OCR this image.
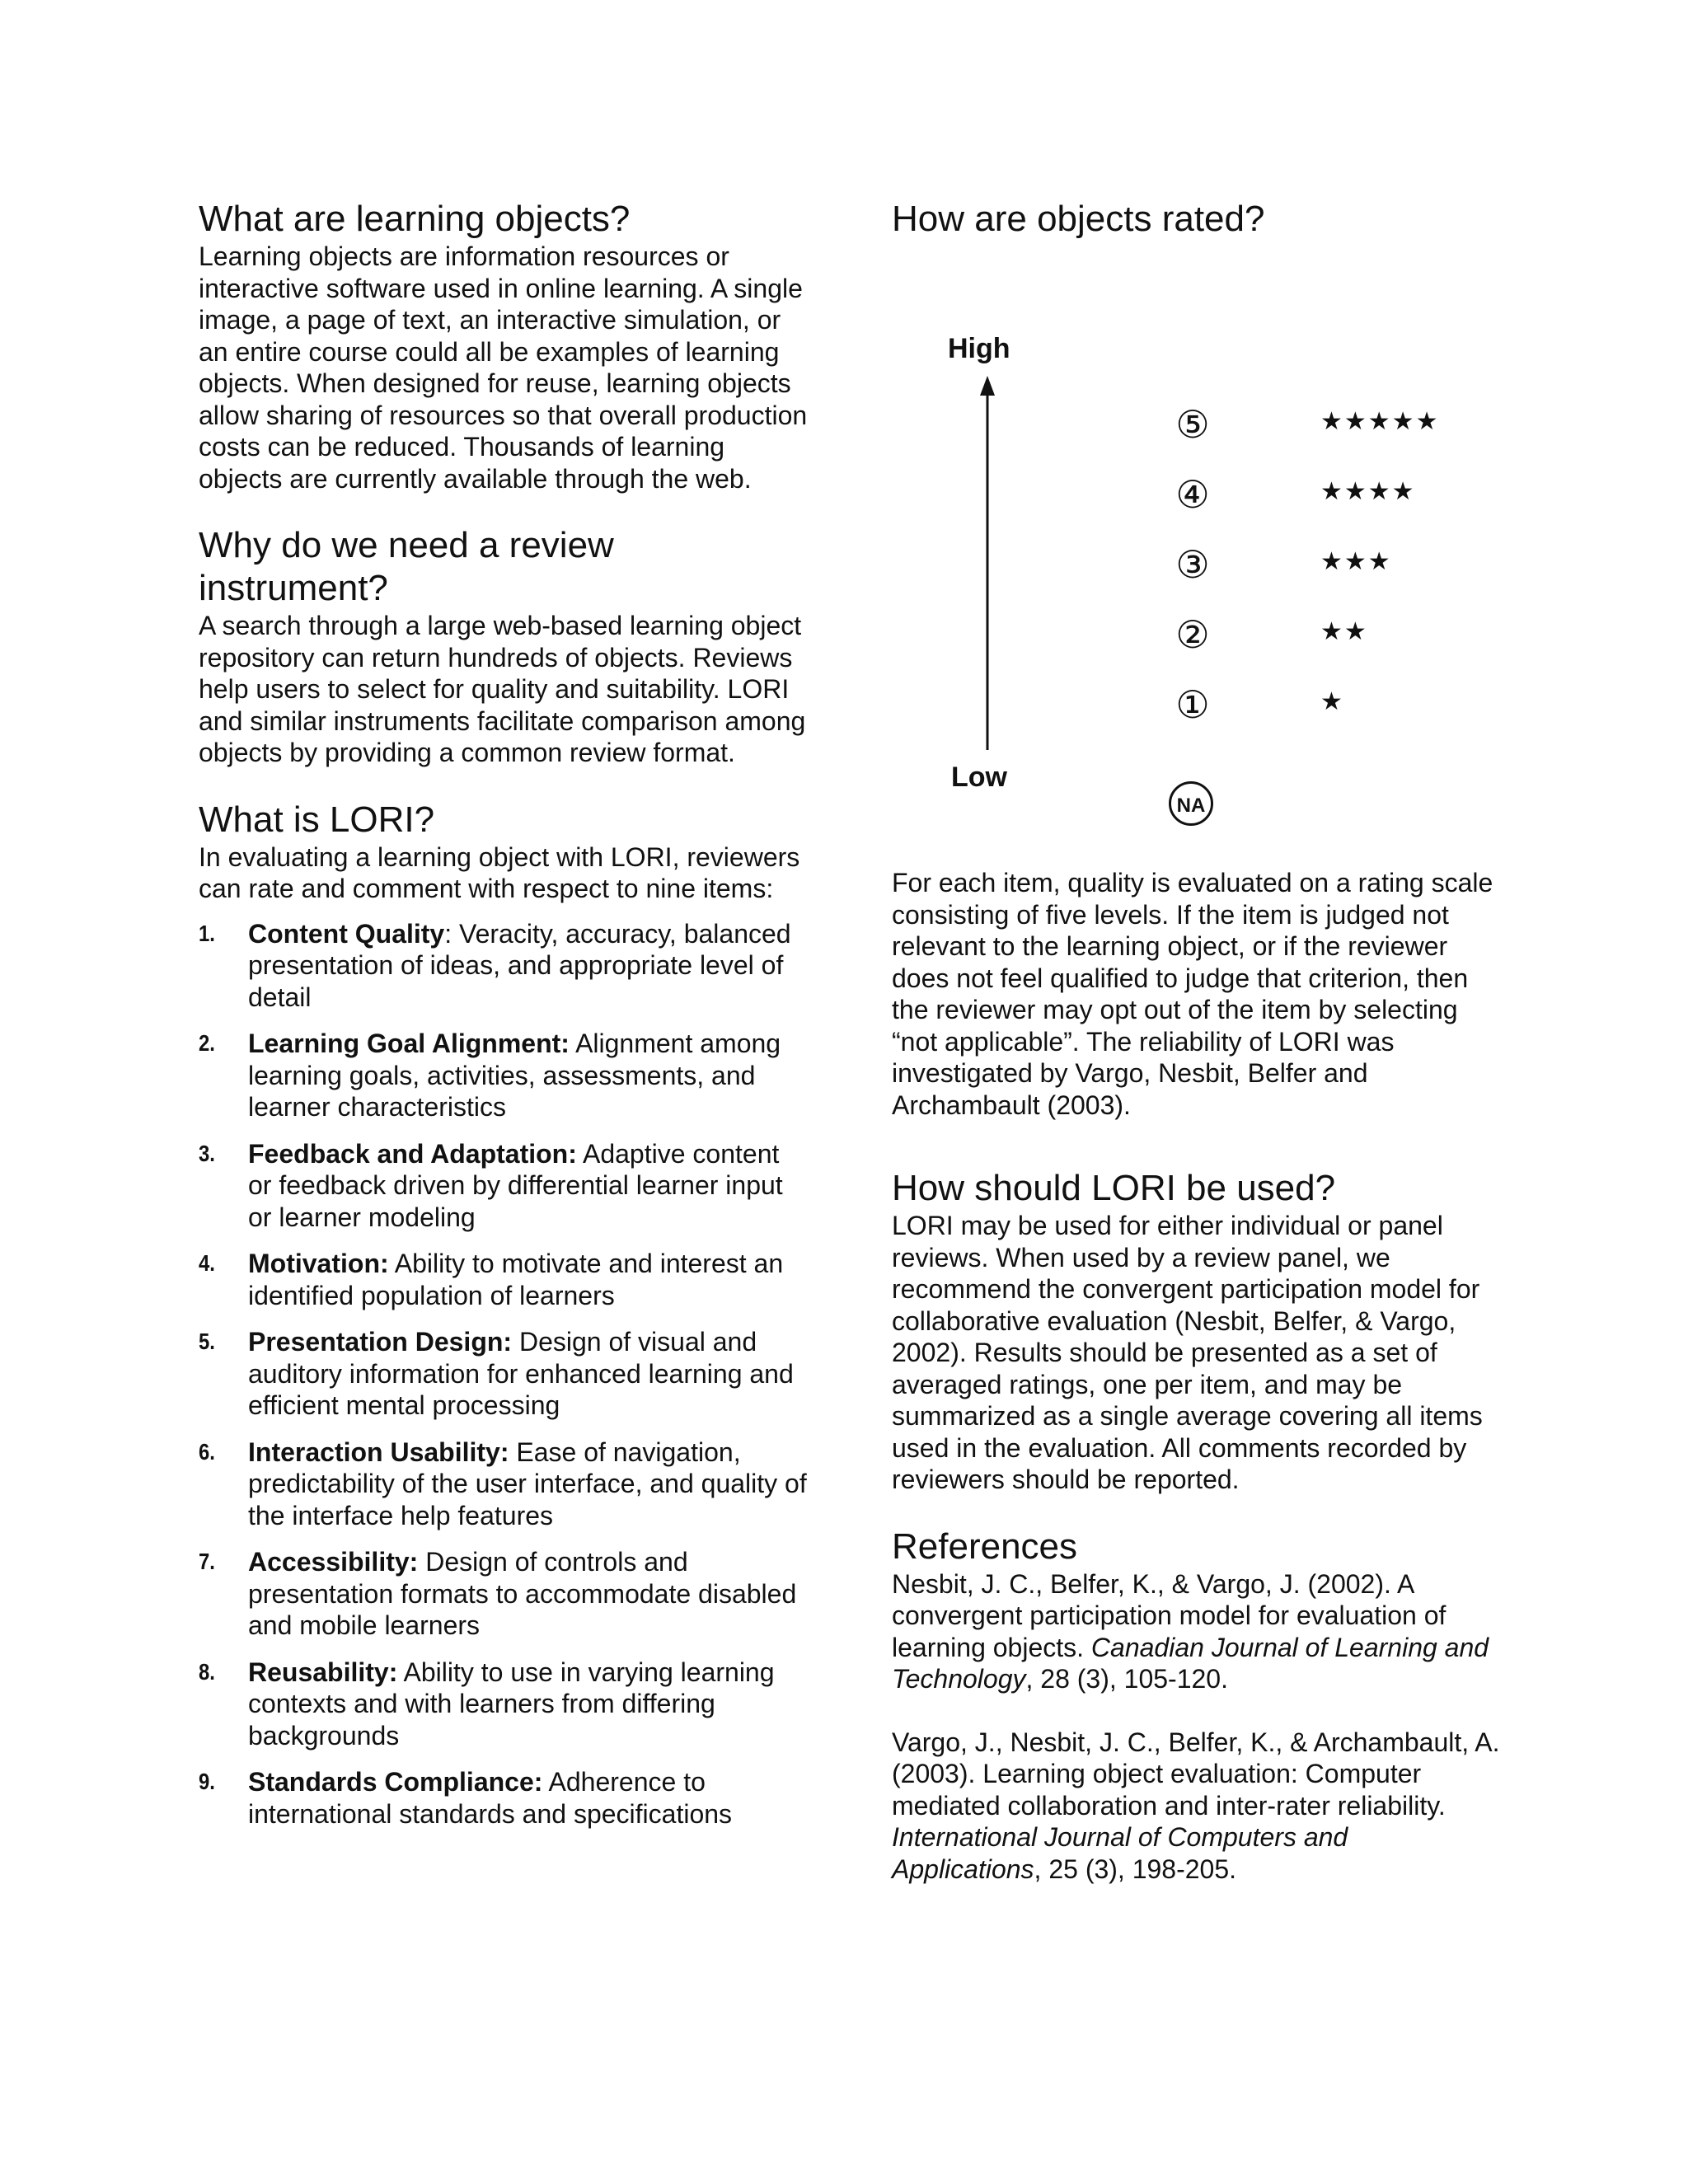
What are learning objects?

Learning objects are information resources or interactive software used in online learning. A single image, a page of text, an interactive simulation, or an entire course could all be examples of learning objects. When designed for reuse, learning objects allow sharing of resources so that overall production costs can be reduced. Thousands of learning objects are currently available through the web.

Why do we need a review instrument?

A search through a large web-based learning object repository can return hundreds of objects. Reviews help users to select for quality and suitability. LORI and similar instruments facilitate comparison among objects by providing a common review format.

What is LORI?

In evaluating a learning object with LORI, reviewers can rate and comment with respect to nine items:

1.	Content Quality: Veracity, accuracy, balanced presentation of ideas, and appropriate level of detail
2.	Learning Goal Alignment: Alignment among learning goals, activities, assessments, and learner characteristics
3.	Feedback and Adaptation: Adaptive content or feedback driven by differential learner input or learner modeling
4.	Motivation: Ability to motivate and interest an identified population of learners
5.	Presentation Design: Design of visual and auditory information for enhanced learning and efficient mental processing
6.	Interaction Usability: Ease of navigation, predictability of the user interface, and quality of the interface help features
7.	Accessibility: Design of controls and presentation formats to accommodate disabled and mobile learners
8.	Reusability: Ability to use in varying learning contexts and with learners from differing backgrounds
9.	Standards Compliance: Adherence to international standards and specifications
How are objects rated?
High
Low
⑤	★★★★★
④	★★★★
③	★★★
②	★★
①	★
NA

For each item, quality is evaluated on a rating scale consisting of five levels. If the item is judged not relevant to the learning object, or if the reviewer does not feel qualified to judge that criterion, then the reviewer may opt out of the item by selecting “not applicable”. The reliability of LORI was investigated by Vargo, Nesbit, Belfer and Archambault (2003).

How should LORI be used?

LORI may be used for either individual or panel reviews. When used by a review panel, we recommend the convergent participation model for collaborative evaluation (Nesbit, Belfer, & Vargo, 2002). Results should be presented as a set of averaged ratings, one per item, and may be summarized as a single average covering all items used in the evaluation. All comments recorded by reviewers should be reported.

References

Nesbit, J. C., Belfer, K., & Vargo, J. (2002). A convergent participation model for evaluation of learning objects. Canadian Journal of Learning and Technology, 28 (3), 105-120.

Vargo, J., Nesbit, J. C., Belfer, K., & Archambault, A. (2003). Learning object evaluation: Computer mediated collaboration and inter-rater reliability. International Journal of Computers and Applications, 25 (3), 198-205.
